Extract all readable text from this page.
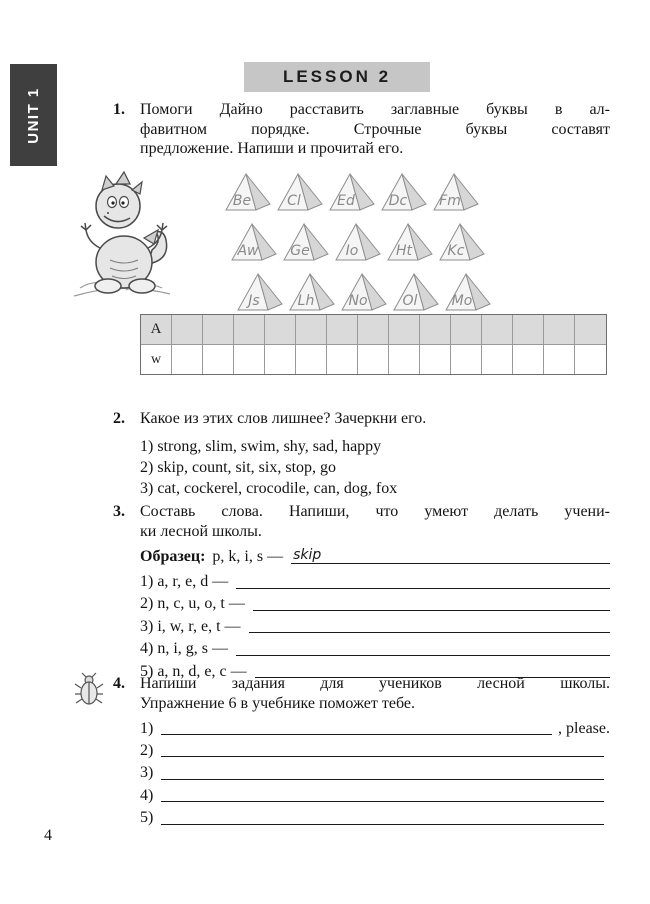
UNIT 1
LESSON 2
1. Помоги Дайно расставить заглавные буквы в ал-
фавитном порядке. Строчные буквы составят
предложение. Напиши и прочитай его.
Be	Cl	Ed Dc Fm
Aw Ge	Io	Ht	Kc
Js	Lh No	Ol Mo
A
w
2. Какое из этих слов лишнее? Зачеркни его.
1) strong, slim, swim, shy, sad, happy
2) skip, count, sit, six, stop, go
3) cat, cockerel, crocodile, can, dog, fox
3. Составь слова. Напиши, что умеют делать учени-
ки лесной школы.
Образец: p, k, i, s — skip
1) a, r, e, d —
2) n, c, u, o, t —
3) i, w, r, e, t —
4) n, i, g, s —
5) a, n, d, e, c —
4. Напиши задания для учеников лесной школы.
Упражнение 6 в учебнике поможет тебе.
1)	, please.
2)
3)
4)
5)
4
